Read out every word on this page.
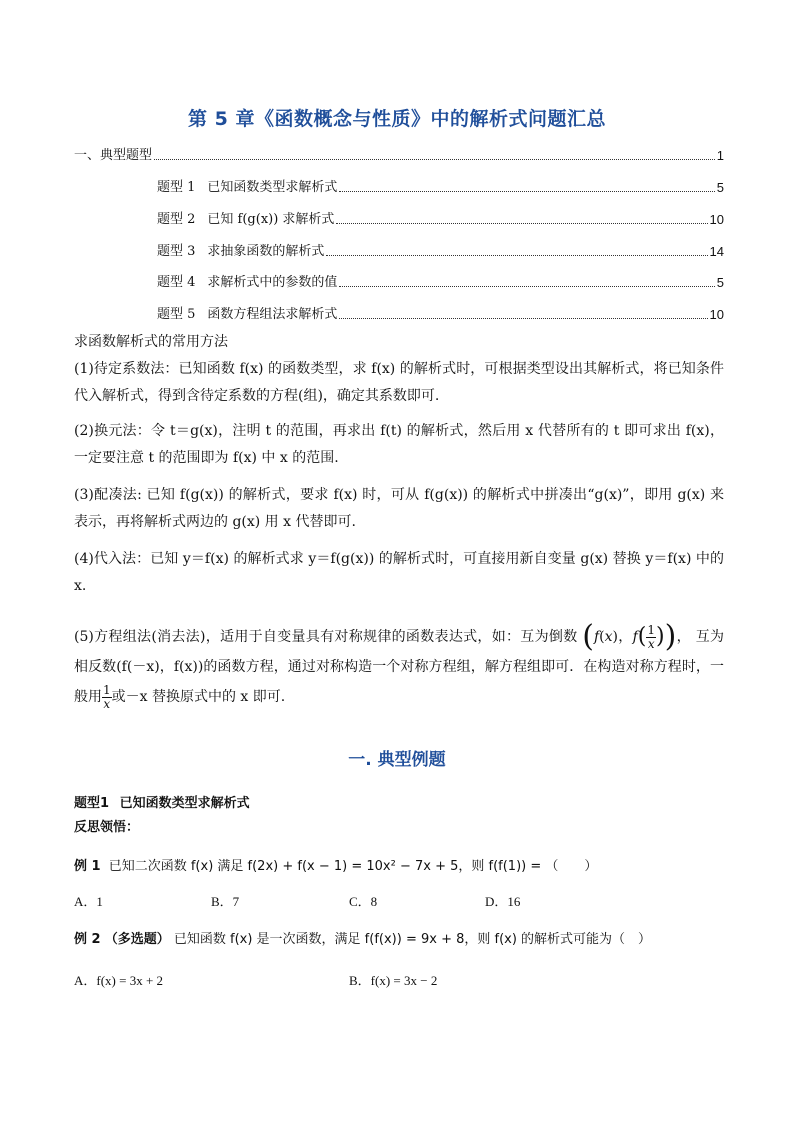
第 5 章《函数概念与性质》中的解析式问题汇总
一、典型题型	1
题型 1 已知函数类型求解析式	5
题型 2 已知 f(g(x)) 求解析式	10
题型 3 求抽象函数的解析式	14
题型 4 求解析式中的参数的值	5
题型 5 函数方程组法求解析式	10
求函数解析式的常用方法
(1)待定系数法：已知函数 f(x) 的函数类型，求 f(x) 的解析式时，可根据类型设出其解析式，将已知条件代入解析式，得到含待定系数的方程(组)，确定其系数即可.
(2)换元法：令 t＝g(x)，注明 t 的范围，再求出 f(t) 的解析式，然后用 x 代替所有的 t 即可求出 f(x)，一定要注意 t 的范围即为 f(x) 中 x 的范围.
(3)配凑法: 已知 f(g(x)) 的解析式，要求 f(x) 时，可从 f(g(x)) 的解析式中拼凑出“g(x)”，即用 g(x) 来表示，再将解析式两边的 g(x) 用 x 代替即可.
(4)代入法：已知 y＝f(x) 的解析式求 y＝f(g(x)) 的解析式时，可直接用新自变量 g(x) 替换 y＝f(x) 中的 x.
(5)方程组法(消去法)，适用于自变量具有对称规律的函数表达式，如：互为倒数 (f(x)，$f( \frac{1}{x}$ ))， 互为相反数(f(－x)，f(x))的函数方程，通过对称构造一个对称方程组，解方程组即可．在构造对称方程时，一般用 $\frac{1}{x}$ 或－x 替换原式中的 x 即可.
一. 典型例题
题型1 已知函数类型求解析式
反思领悟：
例 1 已知二次函数 f(x) 满足 f(2x) + f(x − 1) = 10x² − 7x + 5，则 f(f(1)) = （　　）
A．1	B．7	C．8	D．16
例 2 （多选题） 已知函数 f(x) 是一次函数，满足 f(f(x)) = 9x + 8，则 f(x) 的解析式可能为（　）
A．f(x) = 3x + 2	B．f(x) = 3x − 2
